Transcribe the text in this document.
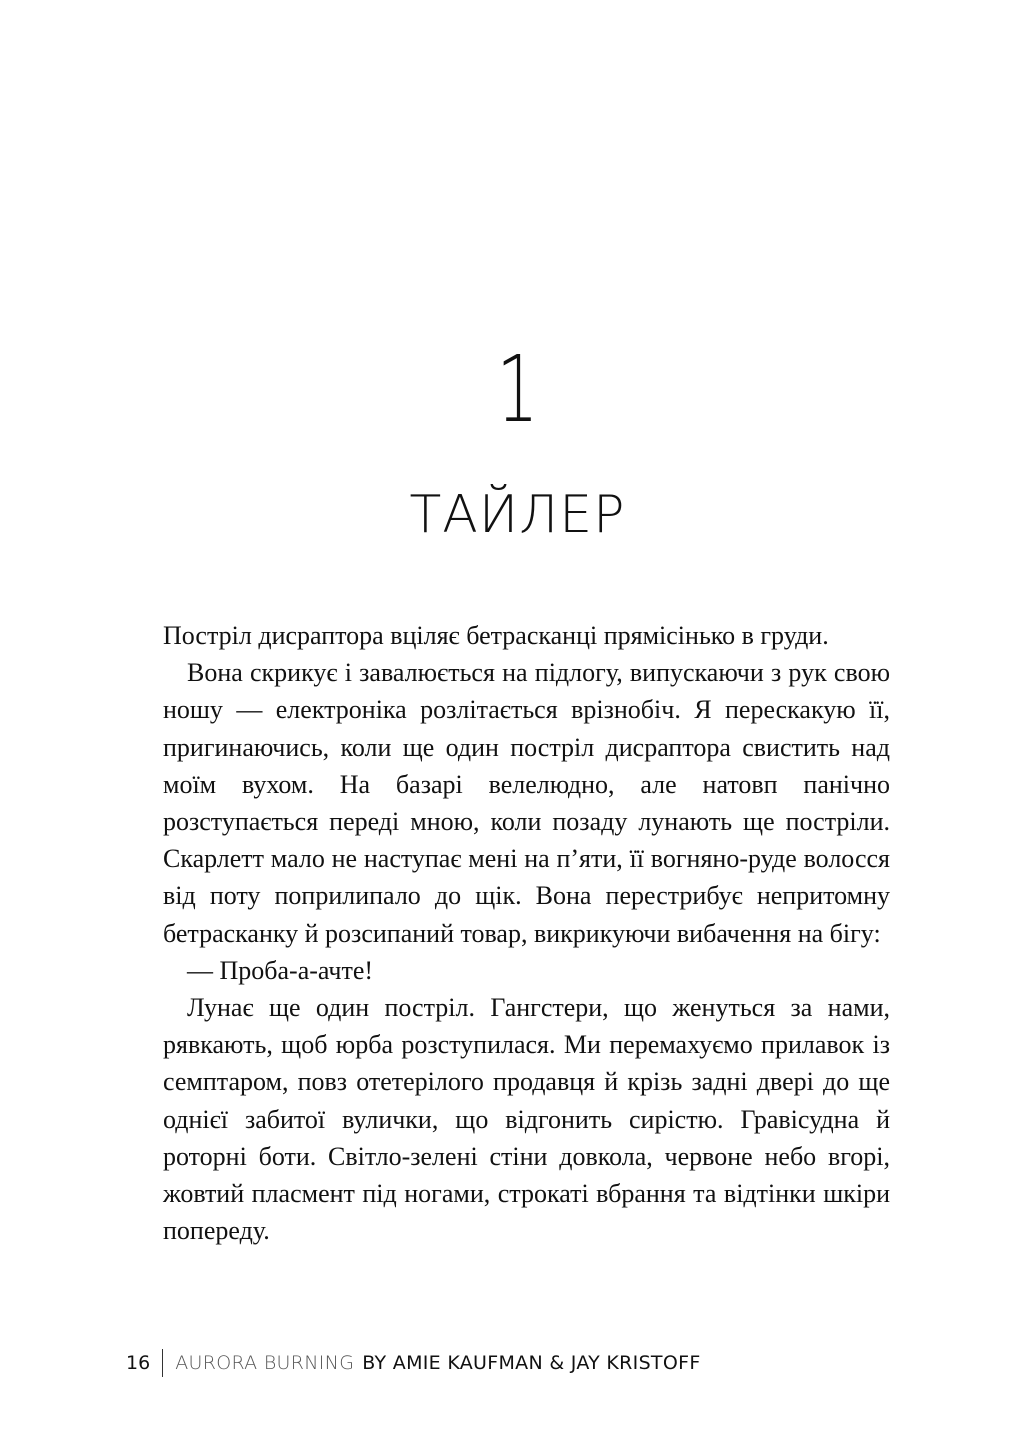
1
ТАЙЛЕР

Постріл дисраптора вціляє бетрасканці прямісінько в груди.

Вона скрикує і завалюється на підлогу, випускаючи з рук свою ношу — електроніка розлітається врізнобіч. Я перескакую її, пригинаючись, коли ще один постріл дисраптора свистить над моїм вухом. На базарі велелюдно, але натовп панічно розступається переді мною, коли позаду лунають ще постріли. Скарлетт мало не наступає мені на п’яти, її вогняно-руде волосся від поту поприлипало до щік. Вона перестрибує непритомну бетрасканку й розсипаний товар, викрикуючи вибачення на бігу:

— Проба-а-ачте!

Лунає ще один постріл. Гангстери, що женуться за нами, рявкають, щоб юрба розступилася. Ми перемахуємо прилавок із семптаром, повз отетерілого продавця й крізь задні двері до ще однієї забитої вулички, що відгонить сирістю. Гравісудна й роторні боти. Світло-зелені стіни довкола, червоне небо вгорі, жовтий пласмент під ногами, строкаті вбрання та відтінки шкіри попереду.

16 AURORA BURNING BY AMIE KAUFMAN & JAY KRISTOFF
